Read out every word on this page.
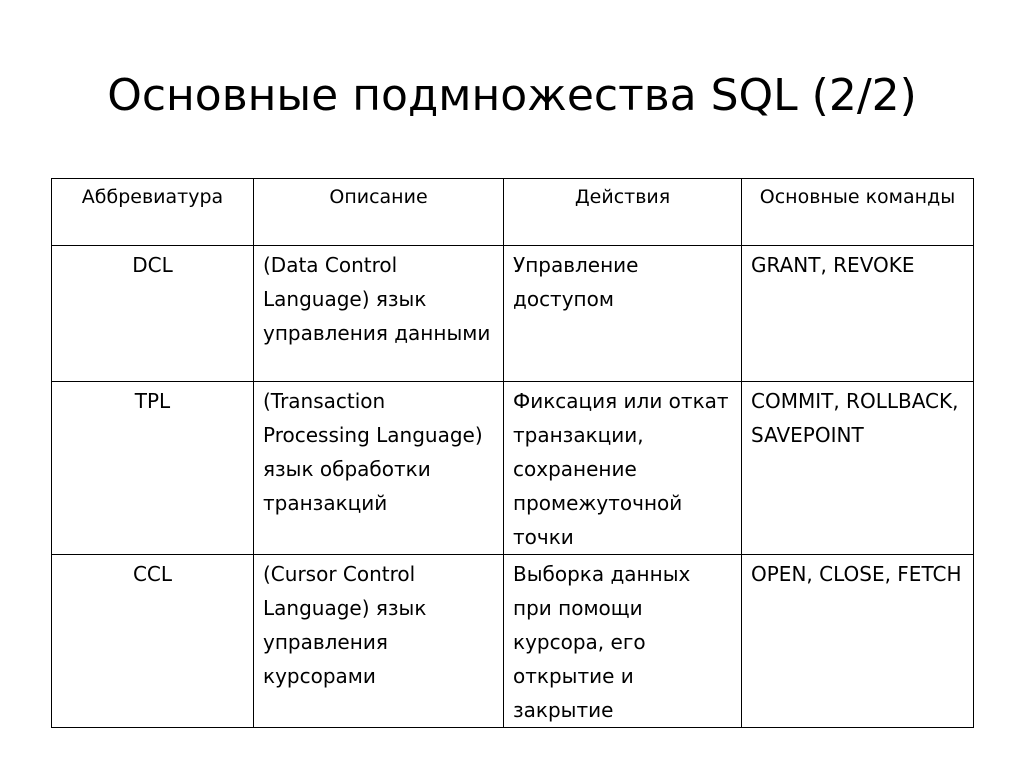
Основные подмножества SQL (2/2)
Аббревиатура	Описание	Действия	Основные команды
DCL	(Data Control Language) язык управления данными	Управление доступом	GRANT, REVOKE
TPL	(Transaction Processing Language) язык обработки транзакций	Фиксация или откат транзакции, сохранение промежуточной точки	COMMIT, ROLLBACK, SAVEPOINT
CCL	(Cursor Control Language) язык управления курсорами	Выборка данных при помощи курсора, его открытие и закрытие	OPEN, CLOSE, FETCH
